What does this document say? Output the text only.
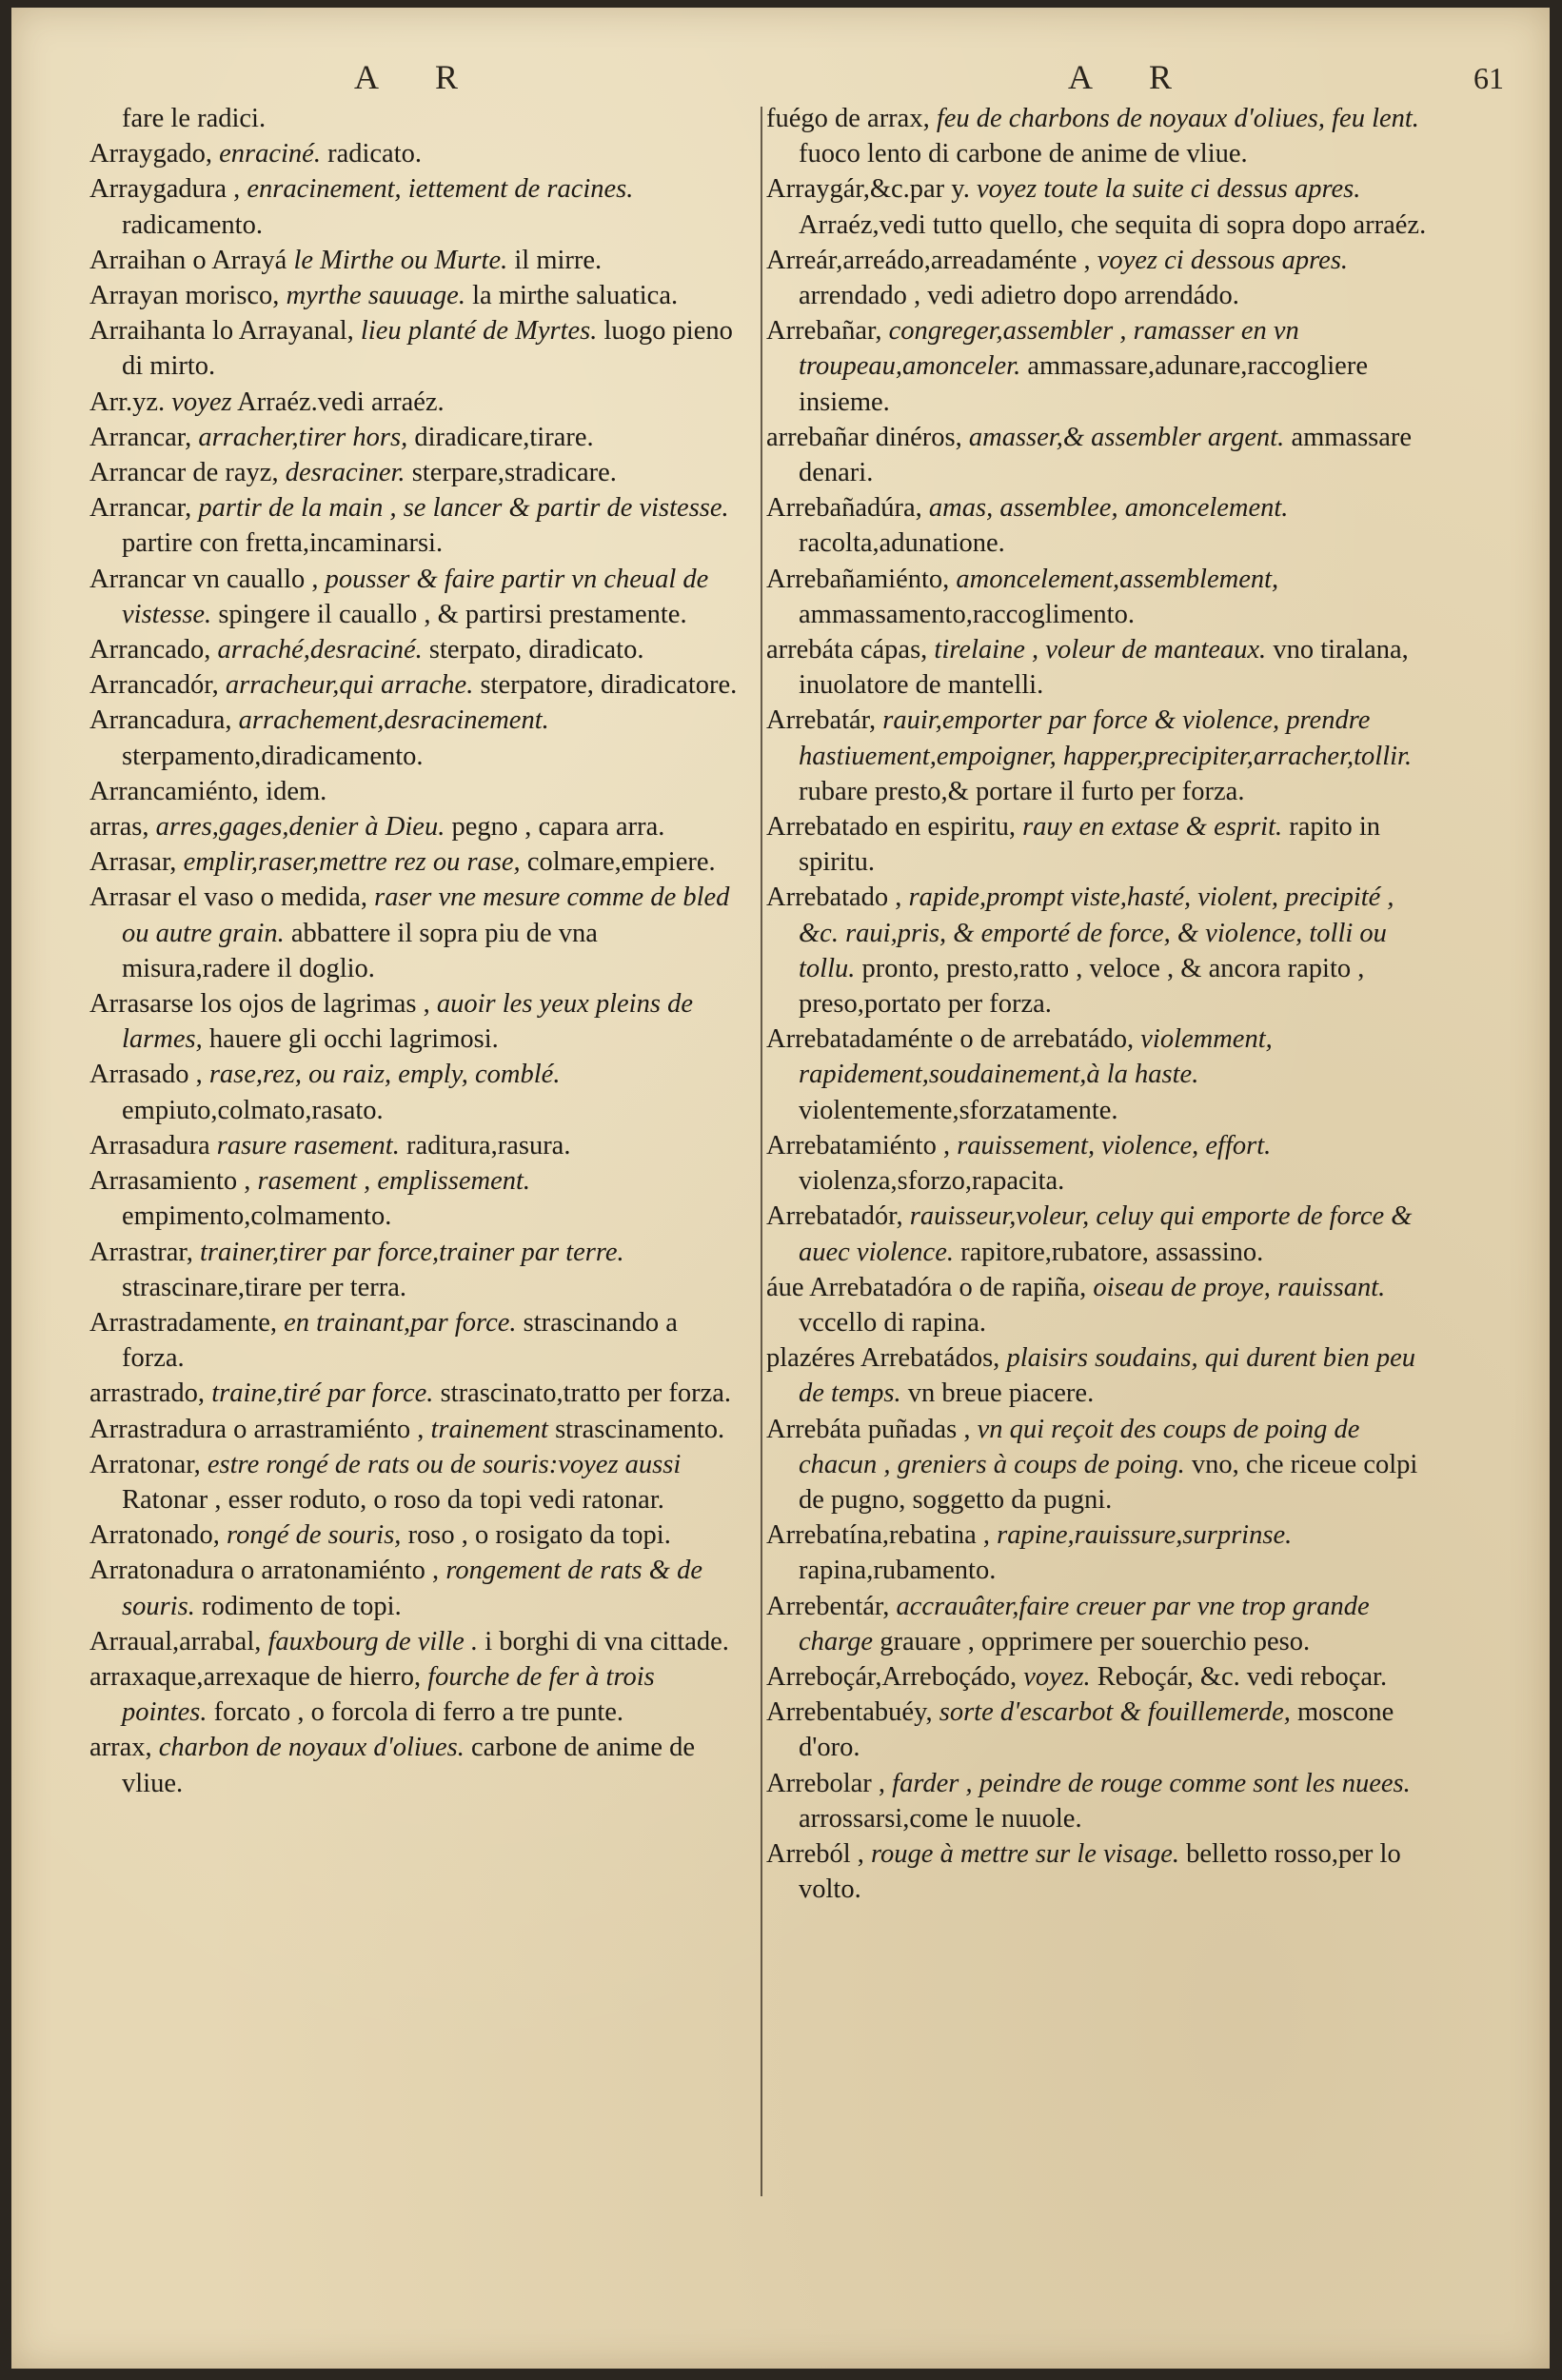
A R	A R	61

fare le radici.

Arraygado, enraciné. radicato.

Arraygadura , enracinement, iettement de racines. radicamento.

Arraihan o Arrayá le Mirthe ou Murte. il mirre.

Arrayan morisco, myrthe sauuage. la mirthe saluatica.

Arraihanta lo Arrayanal, lieu planté de Myrtes. luogo pieno di mirto.

Arr.yz. voyez Arraéz.vedi arraéz.

Arrancar, arracher,tirer hors, diradicare,tirare.

Arrancar de rayz, desraciner. sterpare,stradicare.

Arrancar, partir de la main , se lancer & partir de vistesse. partire con fretta,incaminarsi.

Arrancar vn cauallo , pousser & faire partir vn cheual de vistesse. spingere il cauallo , & partirsi prestamente.

Arrancado, arraché,desraciné. sterpato, diradicato.

Arrancadór, arracheur,qui arrache. sterpatore, diradicatore.

Arrancadura, arrachement,desracinement. sterpamento,diradicamento.

Arrancamiénto, idem.

arras, arres,gages,denier à Dieu. pegno , capara arra.

Arrasar, emplir,raser,mettre rez ou rase, colmare,empiere.

Arrasar el vaso o medida, raser vne mesure comme de bled ou autre grain. abbattere il sopra piu de vna misura,radere il doglio.

Arrasarse los ojos de lagrimas , auoir les yeux pleins de larmes, hauere gli occhi lagrimosi.

Arrasado , rase,rez, ou raiz, emply, comblé. empiuto,colmato,rasato.

Arrasadura rasure rasement. raditura,rasura.

Arrasamiento , rasement , emplissement. empimento,colmamento.

Arrastrar, trainer,tirer par force,trainer par terre. strascinare,tirare per terra.

Arrastradamente, en trainant,par force. strascinando a forza.

arrastrado, traine,tiré par force. strascinato,tratto per forza.

Arrastradura o arrastramiénto , trainement strascinamento.

Arratonar, estre rongé de rats ou de souris:voyez aussi Ratonar , esser roduto, o roso da topi vedi ratonar.

Arratonado, rongé de souris, roso , o rosigato da topi.

Arratonadura o arratonamiénto , rongement de rats & de souris. rodimento de topi.

Arraual,arrabal, fauxbourg de ville . i borghi di vna cittade.

arraxaque,arrexaque de hierro, fourche de fer à trois pointes. forcato , o forcola di ferro a tre punte.

arrax, charbon de noyaux d'oliues. carbone de anime de vliue.

fuégo de arrax, feu de charbons de noyaux d'oliues, feu lent. fuoco lento di carbone de anime de vliue.

Arraygár,&c.par y. voyez toute la suite ci dessus apres. Arraéz,vedi tutto quello, che sequita di sopra dopo arraéz.

Arreár,arreádo,arreadaménte , voyez ci dessous apres. arrendado , vedi adietro dopo arrendádo.

Arrebañar, congreger,assembler , ramasser en vn troupeau,amonceler. ammassare,adunare,raccogliere insieme.

arrebañar dinéros, amasser,& assembler argent. ammassare denari.

Arrebañadúra, amas, assemblee, amoncelement. racolta,adunatione.

Arrebañamiénto, amoncelement,assemblement, ammassamento,raccoglimento.

arrebáta cápas, tirelaine , voleur de manteaux. vno tiralana, inuolatore de mantelli.

Arrebatár, rauir,emporter par force & violence, prendre hastiuement,empoigner, happer,precipiter,arracher,tollir. rubare presto,& portare il furto per forza.

Arrebatado en espiritu, rauy en extase & esprit. rapito in spiritu.

Arrebatado , rapide,prompt viste,hasté, violent, precipité , &c. raui,pris, & emporté de force, & violence, tolli ou tollu. pronto, presto,ratto , veloce , & ancora rapito , preso,portato per forza.

Arrebatadaménte o de arrebatádo, violemment, rapidement,soudainement,à la haste. violentemente,sforzatamente.

Arrebatamiénto , rauissement, violence, effort. violenza,sforzo,rapacita.

Arrebatadór, rauisseur,voleur, celuy qui emporte de force & auec violence. rapitore,rubatore, assassino.

áue Arrebatadóra o de rapiña, oiseau de proye, rauissant. vccello di rapina.

plazéres Arrebatádos, plaisirs soudains, qui durent bien peu de temps. vn breue piacere.

Arrebáta puñadas , vn qui reçoit des coups de poing de chacun , greniers à coups de poing. vno, che riceue colpi de pugno, soggetto da pugni.

Arrebatína,rebatina , rapine,rauissure,surprinse. rapina,rubamento.

Arrebentár, accrauâter,faire creuer par vne trop grande charge grauare , opprimere per souerchio peso.

Arreboçár,Arreboçádo, voyez. Reboçár, &c. vedi reboçar.

Arrebentabuéy, sorte d'escarbot & fouillemerde, moscone d'oro.

Arrebolar , farder , peindre de rouge comme sont les nuees. arrossarsi,come le nuuole.

Arreból , rouge à mettre sur le visage. belletto rosso,per lo volto.
